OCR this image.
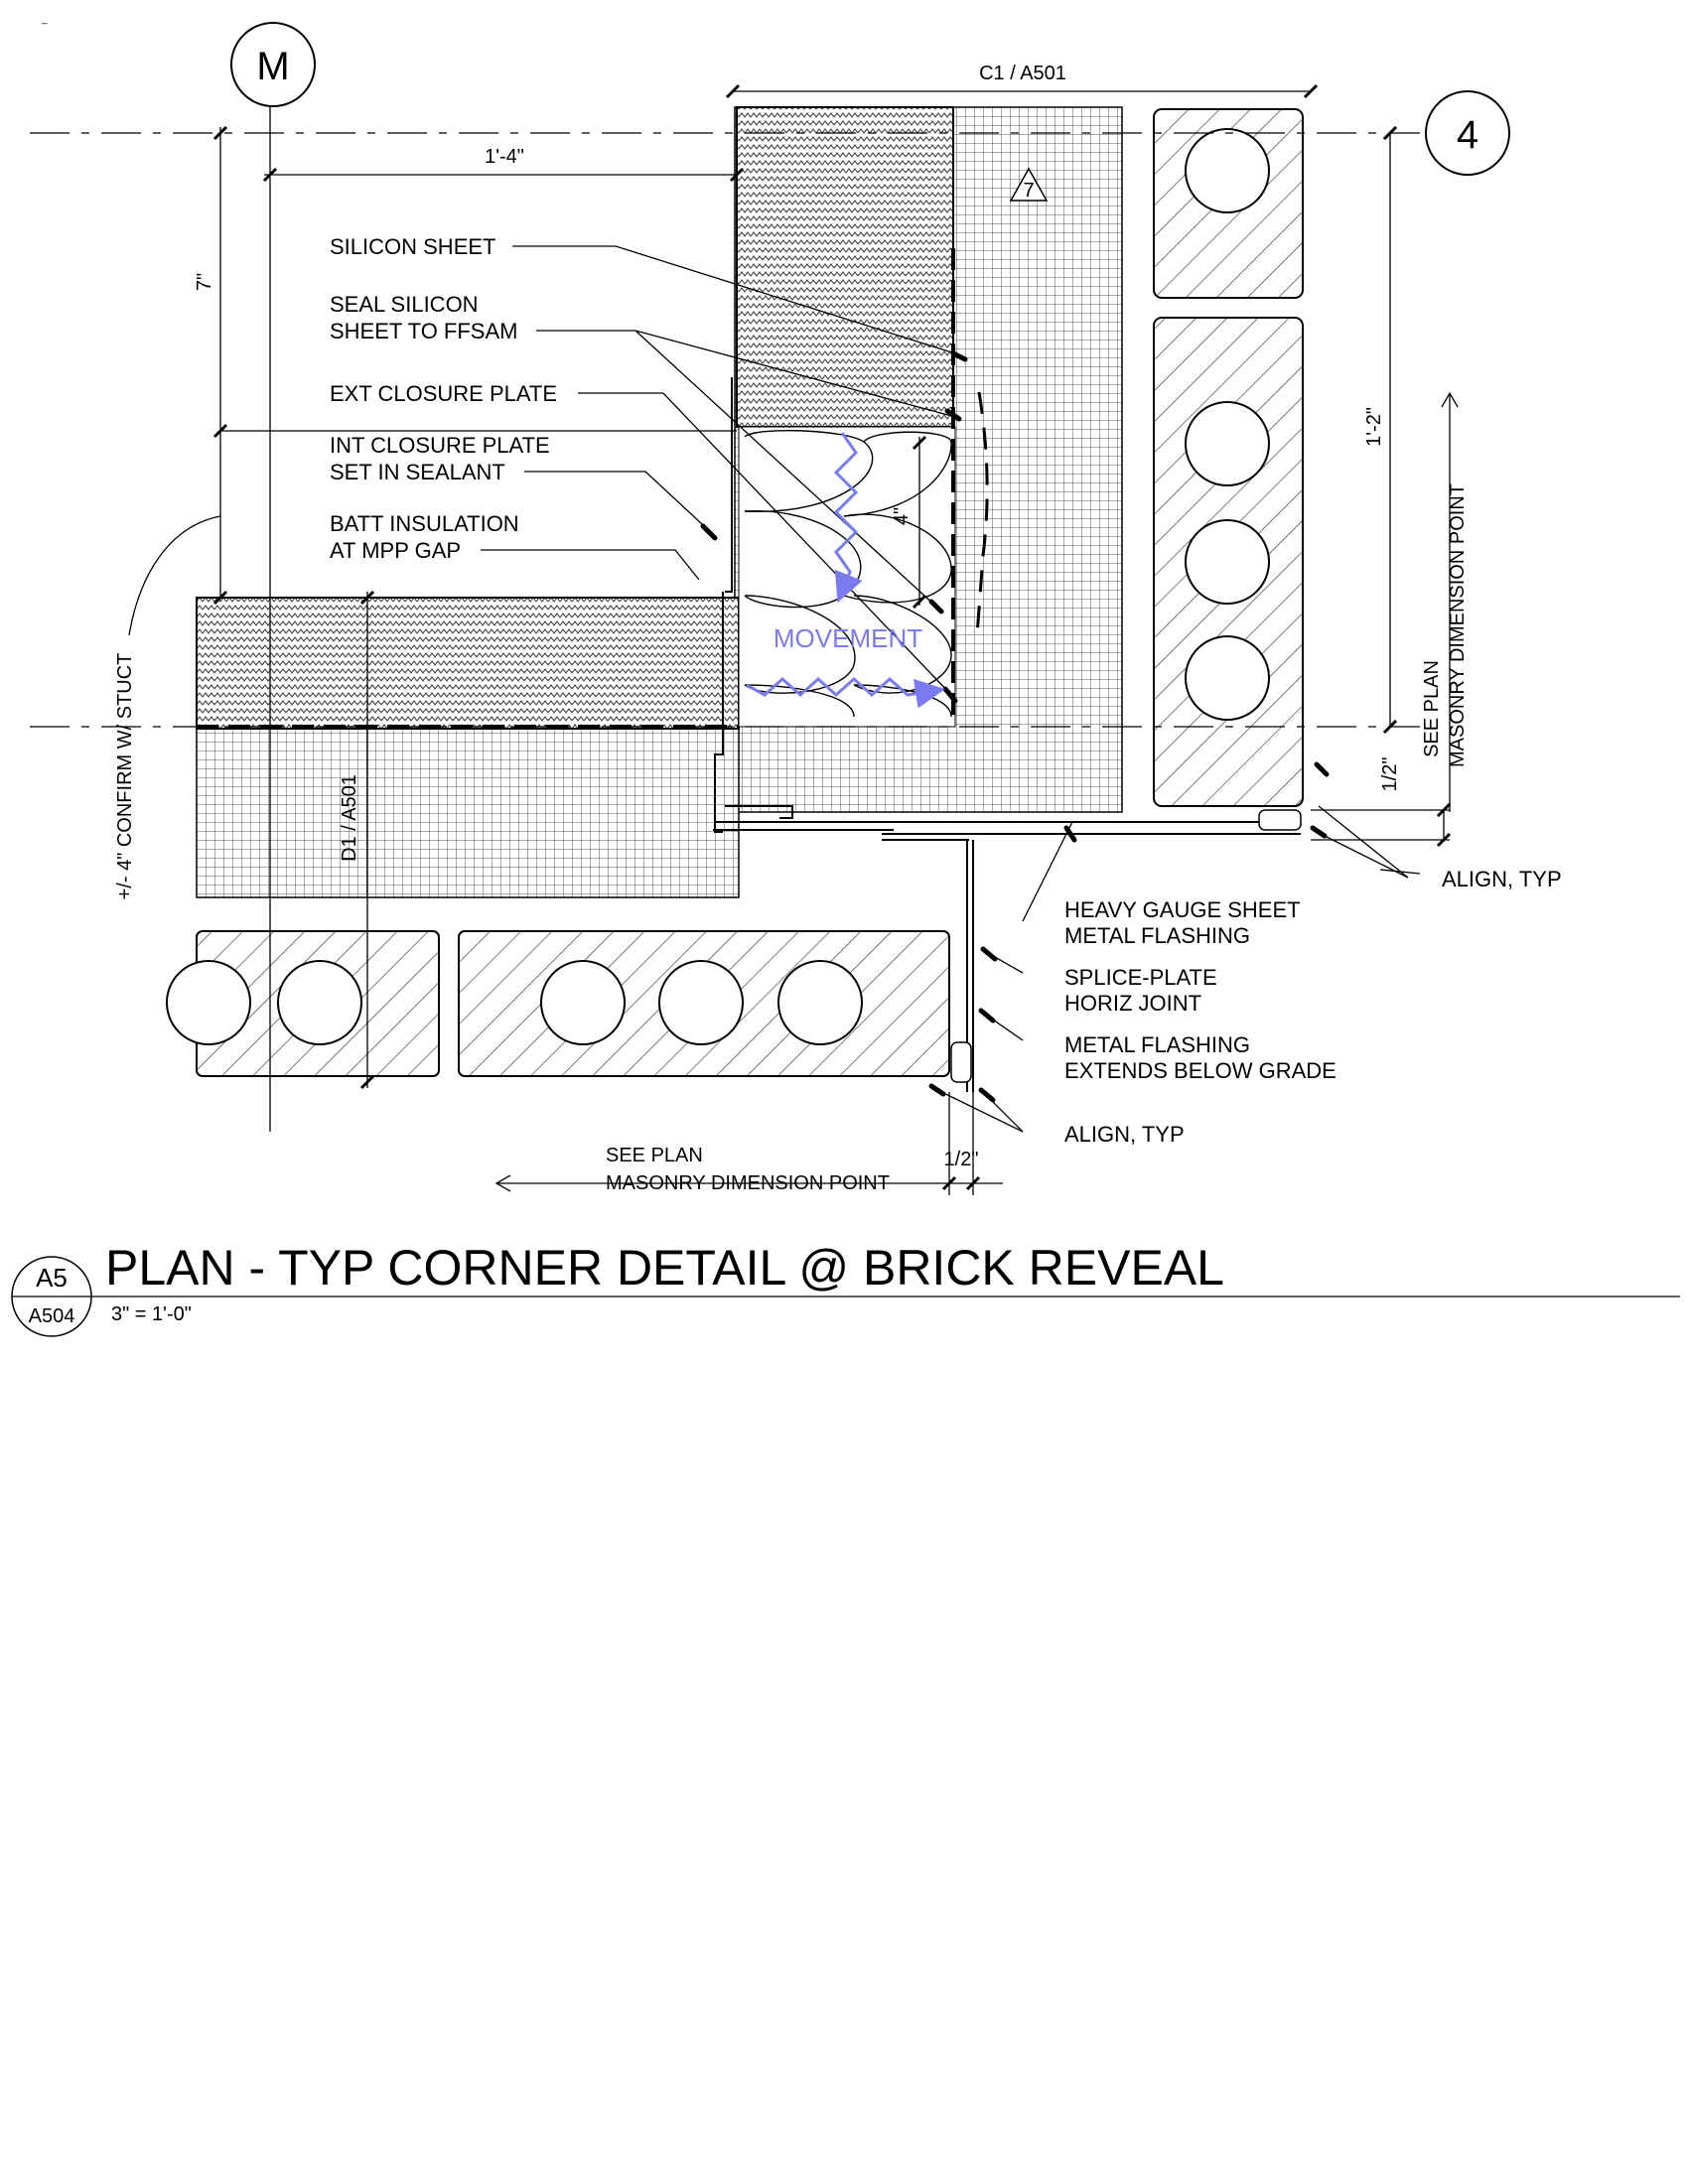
_
M
4
C1 / A501
1'-4"
7"
D1 / A501
4"
1'-2"
1/2"
1/2"
+/- 4" CONFIRM W/ STUCT	SEE PLAN MASONRY DIMENSION POINT
SEE PLAN
MASONRY DIMENSION POINT
7
SILICON SHEET
SEAL SILICON
SHEET TO FFSAM
EXT CLOSURE PLATE
INT CLOSURE PLATE
SET IN SEALANT
BATT INSULATION
AT MPP GAP
ALIGN, TYP
HEAVY GAUGE SHEET
METAL FLASHING
SPLICE-PLATE
HORIZ JOINT
METAL FLASHING
EXTENDS BELOW GRADE
ALIGN, TYP
MOVEMENT
A5
A504
PLAN - TYP CORNER DETAIL @ BRICK REVEAL
3" = 1'-0"
